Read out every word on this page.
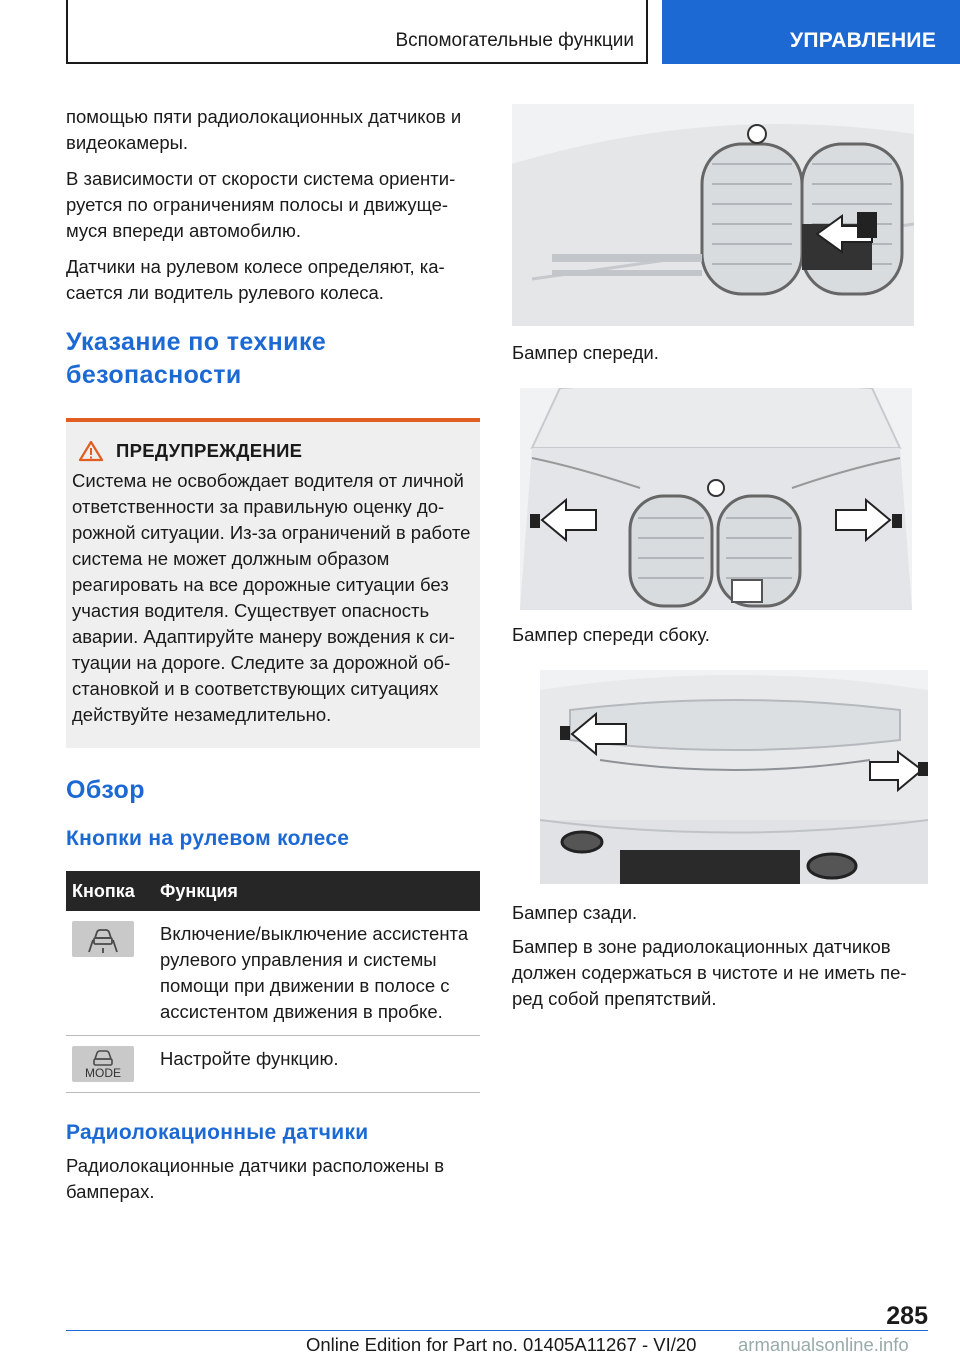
Вспомогательные функции	УПРАВЛЕНИЕ

помощью пяти радиолокационных датчиков и видеокамеры.

В зависимости от скорости система ориентируется по ограничениям полосы и движущемуся впереди автомобилю.

Датчики на рулевом колесе определяют, касается ли водитель рулевого колеса.

Указание по технике безопасности
ПРЕДУПРЕЖДЕНИЕ

Система не освобождает водителя от личной ответственности за правильную оценку дорожной ситуации. Из-за ограничений в работе система не может должным образом реагировать на все дорожные ситуации без участия водителя. Существует опасность аварии. Адаптируйте манеру вождения к ситуации на дороге. Следите за дорожной обстановкой и в соответствующих ситуациях действуйте незамедлительно.

Обзор
Кнопки на рулевом колесе
Кнопка	Функция

	Включение/выключение ассистента рулевого управления и системы помощи при движении в полосе с ассистентом движения в пробке.

MODE	Настройте функцию.
Радиолокационные датчики

Радиолокационные датчики расположены в бамперах.

Бампер спереди.

Бампер спереди сбоку.

Бампер сзади.

Бампер в зоне радиолокационных датчиков должен содержаться в чистоте и не иметь перед собой препятствий.

285
Online Edition for Part no. 01405A11267 - VI/20 armanualsonline.info
